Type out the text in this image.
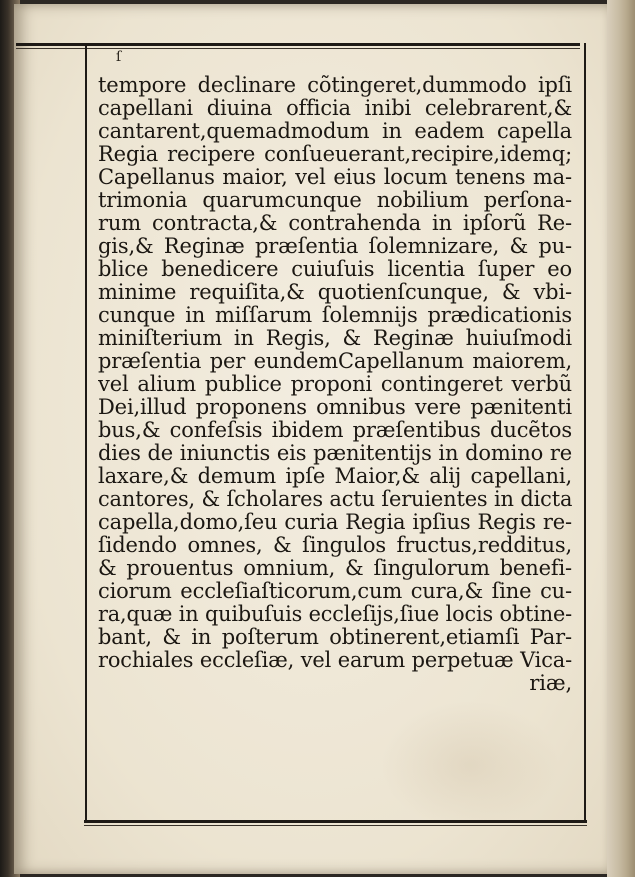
ſ
tempore declinare cõtingeret,dummodo ipſi
capellani diuina officia inibi celebrarent,&
cantarent,quemadmodum in eadem capella
Regia recipere conſueuerant,recipire,idemq;
Capellanus maior, vel eius locum tenens ma-
trimonia quarumcunque nobilium perſona-
rum contracta,& contrahenda in ipſorũ Re-
gis,& Reginæ præſentia ſolemnizare, & pu-
blice benedicere cuiuſuis licentia ſuper eo
minime requiſita,& quotienſcunque, & vbi-
cunque in miſſarum ſolemnijs prædicationis
miniſterium in Regis, & Reginæ huiuſmodi
præſentia per eundemCapellanum maiorem,
vel alium publice proponi contingeret verbũ
Dei,illud proponens omnibus vere pænitenti
bus,& confeſsis ibidem præſentibus ducẽtos
dies de iniunctis eis pænitentijs in domino re
laxare,& demum ipſe Maior,& alij capellani,
cantores, & ſcholares actu ſeruientes in dicta
capella,domo,ſeu curia Regia ipſius Regis re-
ſidendo omnes, & ſingulos fructus,redditus,
& prouentus omnium, & ſingulorum benefi-
ciorum eccleſiaſticorum,cum cura,& ſine cu-
ra,quæ in quibuſuis eccleſijs,ſiue locis obtine-
bant, & in poſterum obtinerent,etiamſi Par-
rochiales eccleſiæ, vel earum perpetuæ Vica-
riæ,
